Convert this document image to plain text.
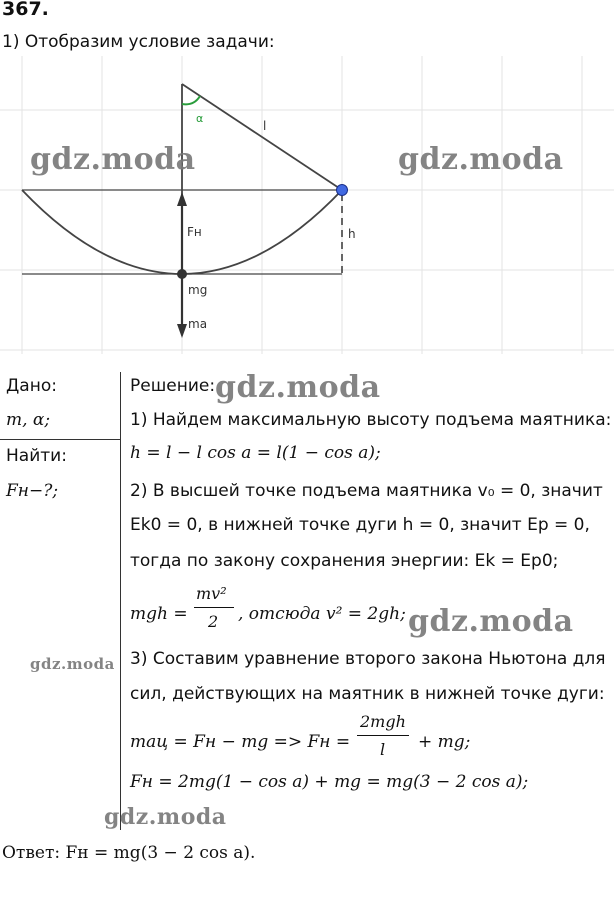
367.
1) Отобразим условие задачи:
α
l
h
Fн
mg
ma
Дано:
m, α;
Найти:
Fн−?;
Решение:
1) Найдем максимальную высоту подъема маятника:
h = l − l cos a = l(1 − cos a);
2) В высшей точке подъема маятника v₀ = 0, значит
Ek0 = 0, в нижней точке дуги h = 0, значит Ep = 0,
тогда по закону сохранения энергии: Ek = Ep0;
mgh =
mv²
2 , отсюда v² = 2gh;
3) Составим уравнение второго закона Ньютона для
сил, действующих на маятник в нижней точке дуги:
maц = Fн − mg => Fн =
2mgh
l + mg;
Fн = 2mg(1 − cos a) + mg = mg(3 − 2 cos a);
Ответ: Fн = mg(3 − 2 cos a).
gdz.moda	gdz.moda
gdz.moda
gdz.moda
gdz.moda
gdz.moda
